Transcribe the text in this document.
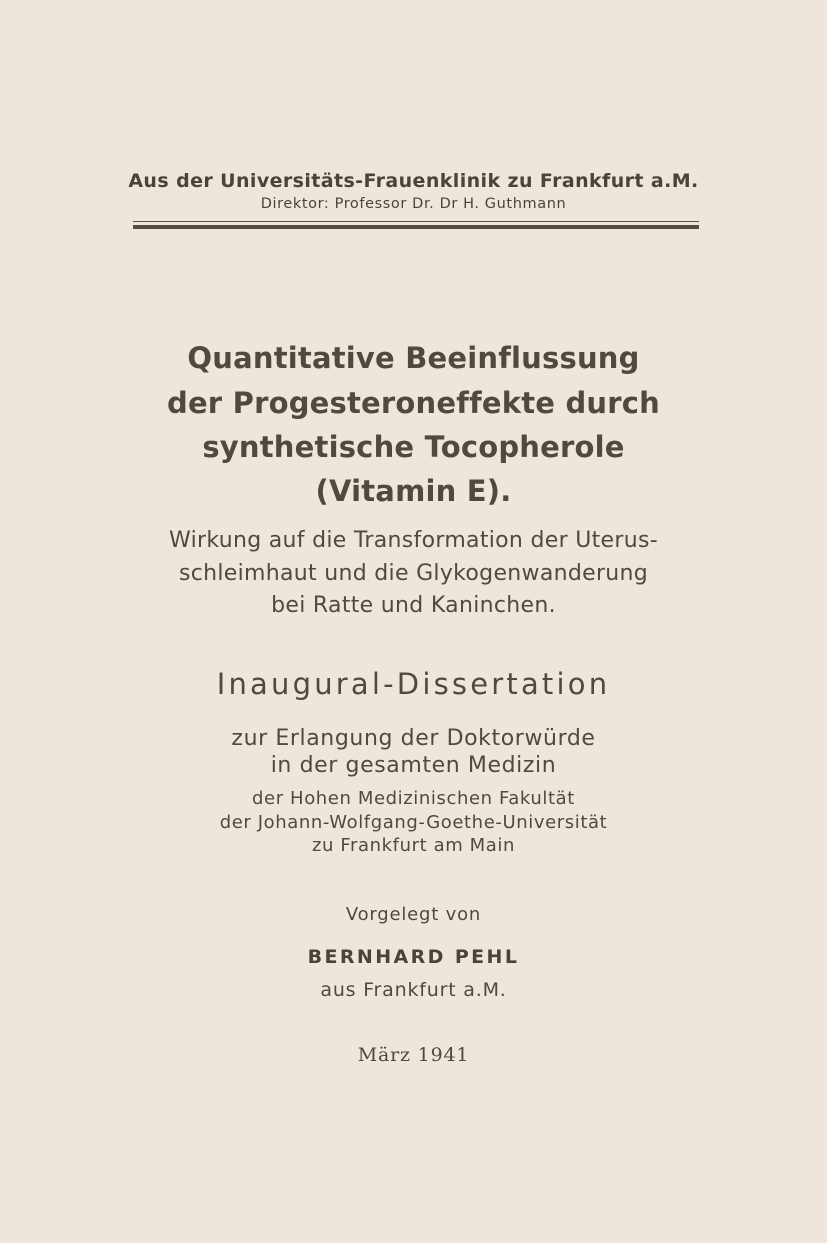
Aus der Universitäts-Frauenklinik zu Frankfurt a.M.
Direktor: Professor Dr. Dr H. Guthmann
Quantitative Beeinflussung
der Progesteroneffekte durch
synthetische Tocopherole
(Vitamin E).
Wirkung auf die Transformation der Uterus-
schleimhaut und die Glykogenwanderung
bei Ratte und Kaninchen.
Inaugural-Dissertation
zur Erlangung der Doktorwürde
in der gesamten Medizin
der Hohen Medizinischen Fakultät
der Johann-Wolfgang-Goethe-Universität
zu Frankfurt am Main
Vorgelegt von
BERNHARD PEHL
aus Frankfurt a.M.
März 1941
